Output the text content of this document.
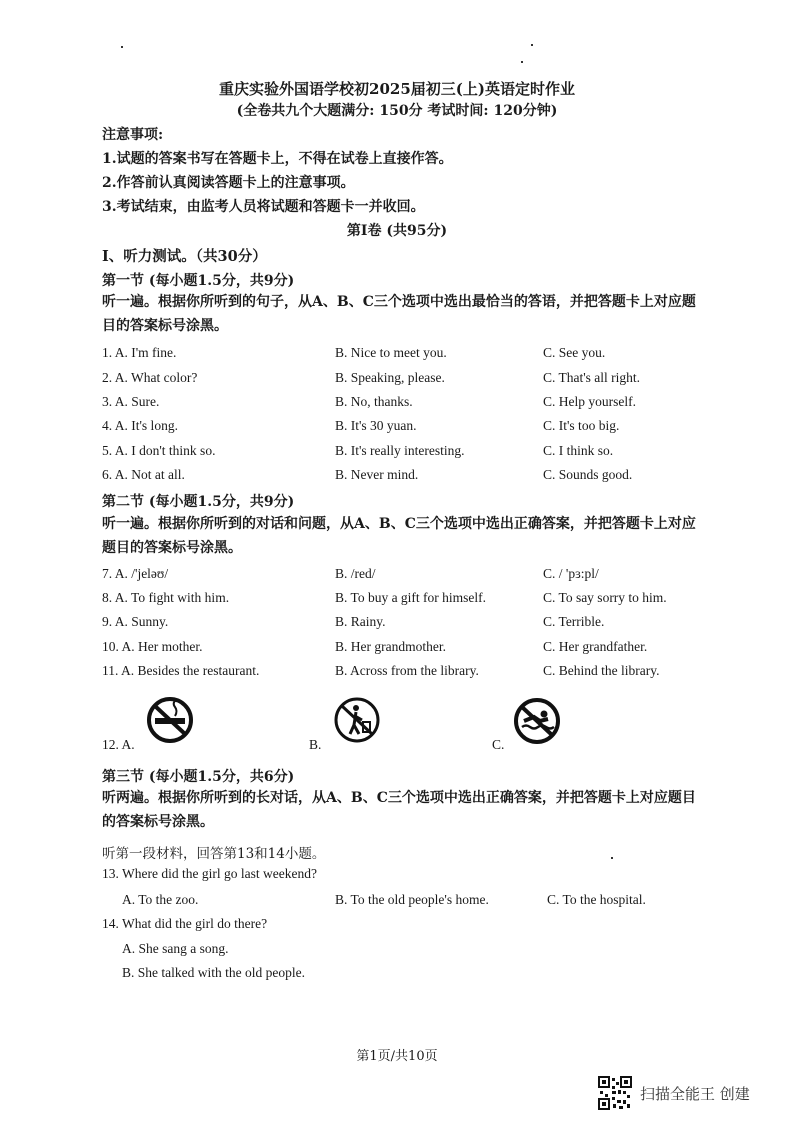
重庆实验外国语学校初2025届初三(上)英语定时作业
(全卷共九个大题满分: 150分 考试时间: 120分钟)
注意事项:
1.试题的答案书写在答题卡上，不得在试卷上直接作答。
2.作答前认真阅读答题卡上的注意事项。
3.考试结束，由监考人员将试题和答题卡一并收回。
第Ⅰ卷 (共95分)
Ⅰ、听力测试。（共30分）
第一节 (每小题1.5分，共9分)
听一遍。根据你所听到的句子，从A、B、C三个选项中选出最恰当的答语，并把答题卡上对应题目的答案标号涂黑。
1. A. I'm fine.	B. Nice to meet you.	C. See you.
2. A. What color?	B. Speaking, please.	C. That's all right.
3. A. Sure.	B. No, thanks.	C. Help yourself.
4. A. It's long.	B. It's 30 yuan.	C. It's too big.
5. A. I don't think so.	B. It's really interesting.	C. I think so.
6. A. Not at all.	B. Never mind.	C. Sounds good.
第二节 (每小题1.5分，共9分)
听一遍。根据你所听到的对话和问题，从A、B、C三个选项中选出正确答案，并把答题卡上对应题目的答案标号涂黑。
7. A. /'jeləʊ/	B. /red/	C. / 'pɜ:pl/
8. A. To fight with him.	B. To buy a gift for himself.	C. To say sorry to him.
9. A. Sunny.	B. Rainy.	C. Terrible.
10. A. Her mother.	B. Her grandmother.	C. Her grandfather.
11. A. Besides the restaurant.	B. Across from the library.	C. Behind the library.
12. A.	B.	C.
第三节 (每小题1.5分，共6分)
听两遍。根据你所听到的长对话，从A、B、C三个选项中选出正确答案，并把答题卡上对应题目的答案标号涂黑。
听第一段材料，回答第13和14小题。
13. Where did the girl go last weekend?
A. To the zoo.	B. To the old people's home.	C. To the hospital.
14. What did the girl do there?
A. She sang a song.
B. She talked with the old people.
第1页/共10页
扫描全能王 创建
